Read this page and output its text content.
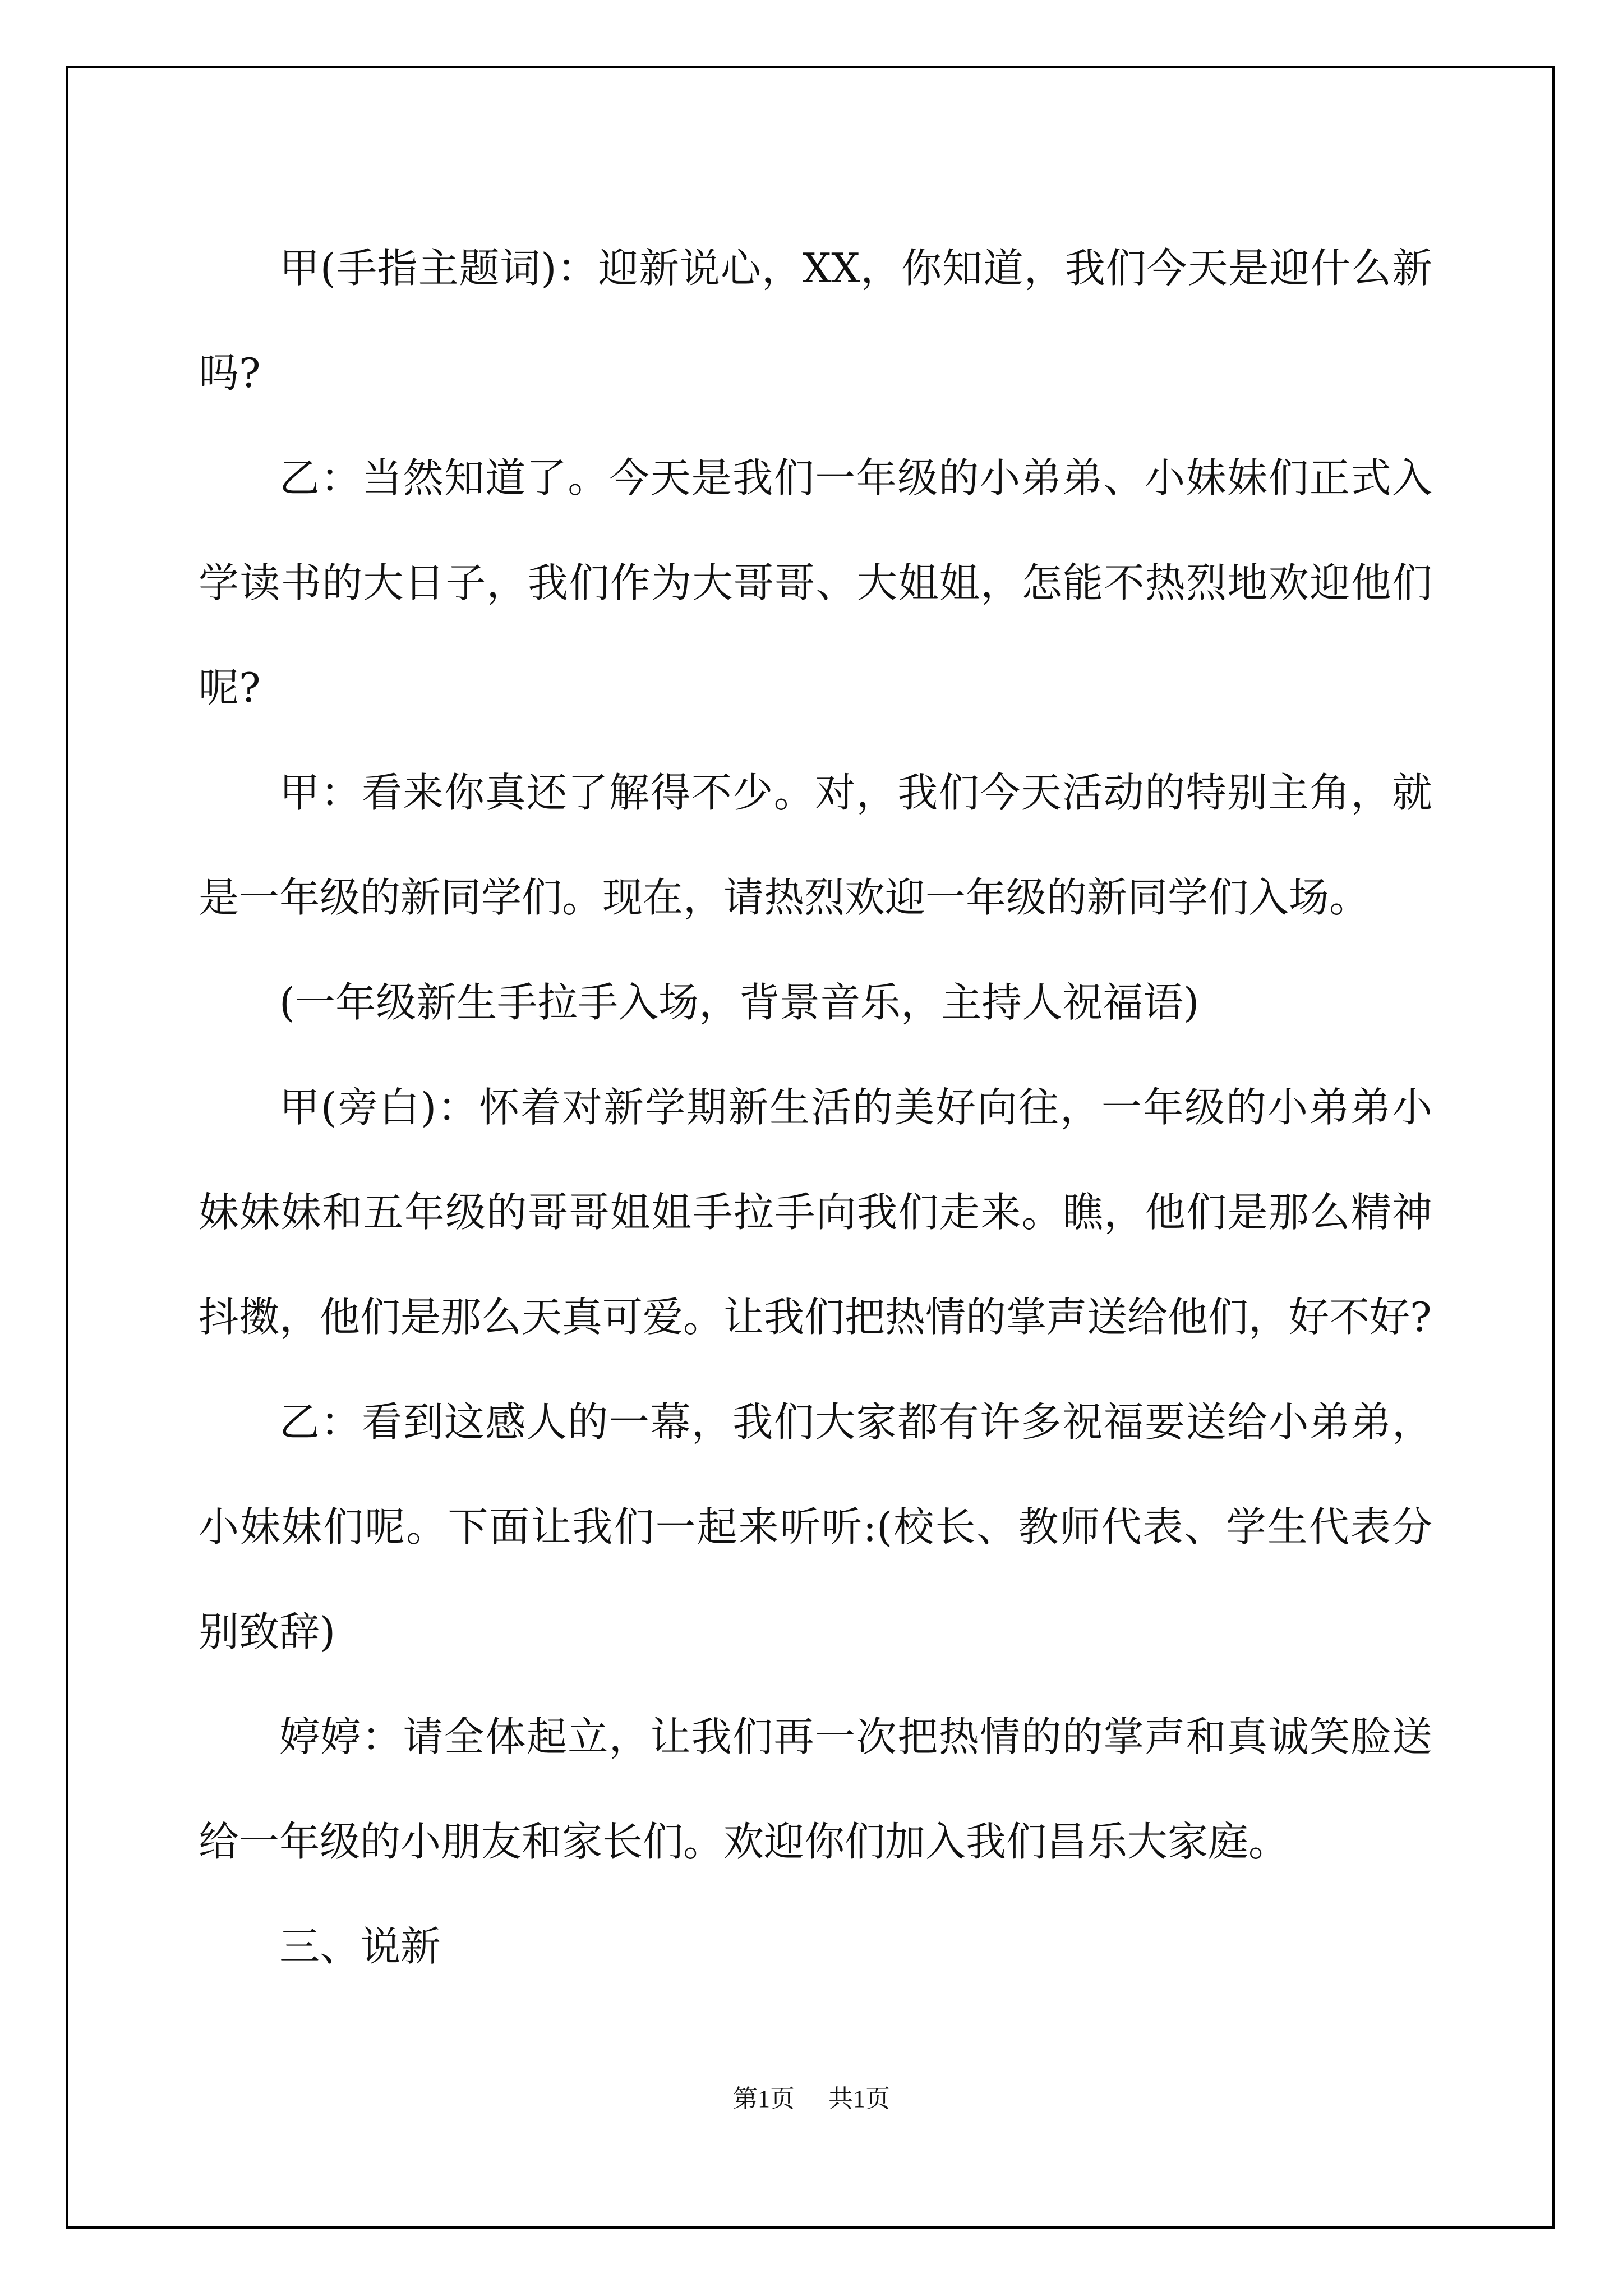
甲(手指主题词)：迎新说心，XX，你知道，我们今天是迎什么新吗?

乙：当然知道了。今天是我们一年级的小弟弟、小妹妹们正式入学读书的大日子，我们作为大哥哥、大姐姐，怎能不热烈地欢迎他们呢?

甲：看来你真还了解得不少。对，我们今天活动的特别主角，就是一年级的新同学们。现在，请热烈欢迎一年级的新同学们入场。

(一年级新生手拉手入场，背景音乐，主持人祝福语)

甲(旁白)：怀着对新学期新生活的美好向往，一年级的小弟弟小妹妹妹和五年级的哥哥姐姐手拉手向我们走来。瞧，他们是那么精神抖擞，他们是那么天真可爱。让我们把热情的掌声送给他们，好不好?

乙：看到这感人的一幕，我们大家都有许多祝福要送给小弟弟，小妹妹们呢。下面让我们一起来听听:(校长、教师代表、学生代表分别致辞)

婷婷：请全体起立，让我们再一次把热情的的掌声和真诚笑脸送给一年级的小朋友和家长们。欢迎你们加入我们昌乐大家庭。

三、说新

第1页 共1页
